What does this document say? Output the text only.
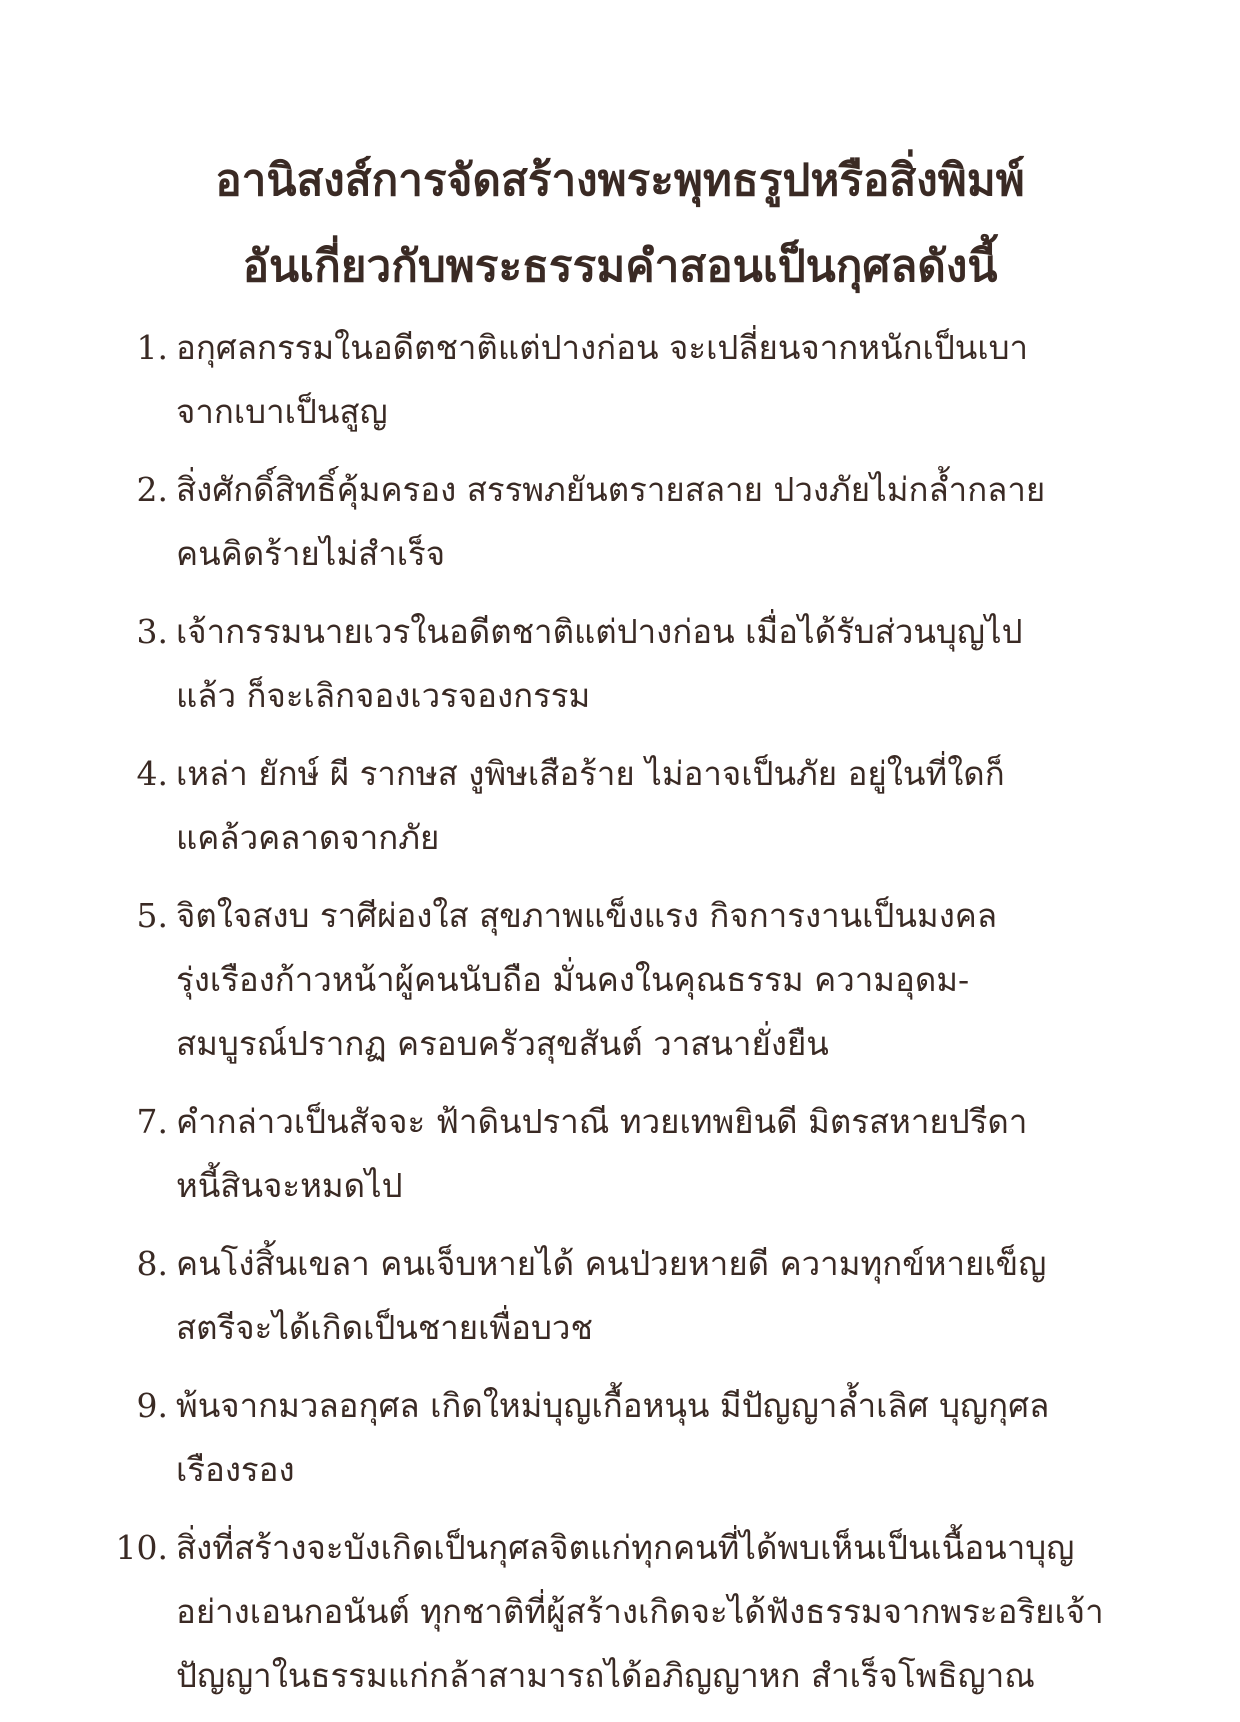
อานิสงส์การจัดสร้างพระพุทธรูปหรือสิ่งพิมพ์
อันเกี่ยวกับพระธรรมคำสอนเป็นกุศลดังนี้
1. อกุศลกรรมในอดีตชาติแต่ปางก่อน จะเปลี่ยนจากหนักเป็นเบา
จากเบาเป็นสูญ
2. สิ่งศักดิ์สิทธิ์คุ้มครอง สรรพภยันตรายสลาย ปวงภัยไม่กล้ำกลาย
คนคิดร้ายไม่สำเร็จ
3. เจ้ากรรมนายเวรในอดีตชาติแต่ปางก่อน เมื่อได้รับส่วนบุญไป
แล้ว ก็จะเลิกจองเวรจองกรรม
4. เหล่า ยักษ์ ผี รากษส งูพิษเสือร้าย ไม่อาจเป็นภัย อยู่ในที่ใดก็
แคล้วคลาดจากภัย
5. จิตใจสงบ ราศีผ่องใส สุขภาพแข็งแรง กิจการงานเป็นมงคล
รุ่งเรืองก้าวหน้าผู้คนนับถือ มั่นคงในคุณธรรม ความอุดม-
สมบูรณ์ปรากฏ ครอบครัวสุขสันต์ วาสนายั่งยืน
7. คำกล่าวเป็นสัจจะ ฟ้าดินปราณี ทวยเทพยินดี มิตรสหายปรีดา
หนี้สินจะหมดไป
8. คนโง่สิ้นเขลา คนเจ็บหายได้ คนป่วยหายดี ความทุกข์หายเข็ญ
สตรีจะได้เกิดเป็นชายเพื่อบวช
9. พ้นจากมวลอกุศล เกิดใหม่บุญเกื้อหนุน มีปัญญาล้ำเลิศ บุญกุศล
เรืองรอง
10. สิ่งที่สร้างจะบังเกิดเป็นกุศลจิตแก่ทุกคนที่ได้พบเห็นเป็นเนื้อนาบุญ
อย่างเอนกอนันต์ ทุกชาติที่ผู้สร้างเกิดจะได้ฟังธรรมจากพระอริยเจ้า
ปัญญาในธรรมแก่กล้าสามารถได้อภิญญาหก สำเร็จโพธิญาณ
